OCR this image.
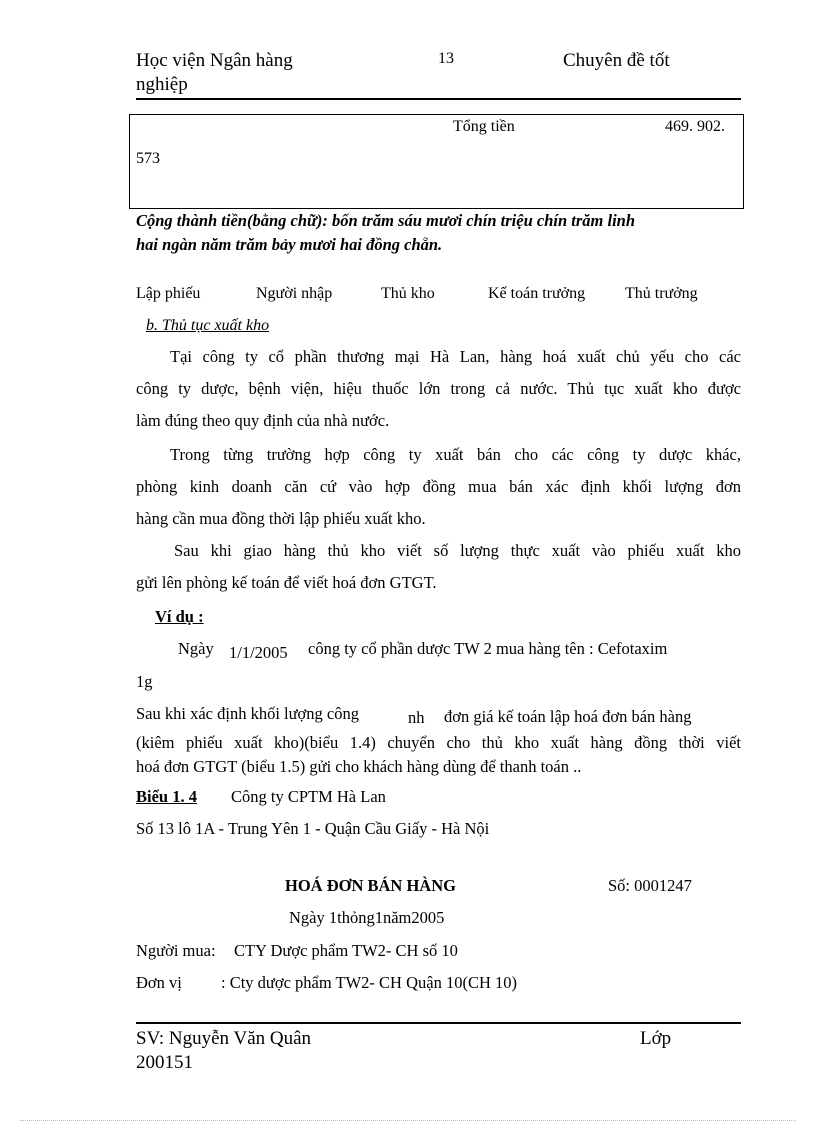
Học viện Ngân hàng
nghiệp
13	Chuyên đề tốt
Tổng tiền	469. 902.
573
Cộng thành tiền(bằng chữ): bốn trăm sáu mươi chín triệu chín trăm linh
hai ngàn năm trăm bảy mươi hai đồng chẵn.
Lập phiếu	Người nhập	Thủ kho	Kế toán trưởng Thủ trưởng
b. Thủ tục xuất kho
Tại công ty cổ phần thương mại Hà Lan, hàng hoá xuất chủ yếu cho các
công ty dược, bệnh viện, hiệu thuốc lớn trong cả nước. Thủ tục xuất kho được
làm đúng theo quy định của nhà nước.
Trong từng trường hợp công ty xuất bán cho các công ty dược khác,
phòng kinh doanh căn cứ vào hợp đồng mua bán xác định khối lượng đơn
hàng cần mua đồng thời lập phiếu xuất kho.
Sau khi giao hàng thủ kho viết số lượng thực xuất vào phiếu xuất kho
gửi lên phòng kế toán để viết hoá đơn GTGT.
Ví dụ :
Ngày 1/1/2005 công ty cổ phần dược TW 2 mua hàng tên : Cefotaxim
1g
Sau khi xác định khối lượng công	nh đơn giá kế toán lập hoá đơn bán hàng
(kiêm phiếu xuất kho)(biểu 1.4) chuyển cho thủ kho xuất hàng đồng thời viết
hoá đơn GTGT (biểu 1.5) gửi cho khách hàng dùng để thanh toán ..
Biểu 1. 4 Công ty CPTM Hà Lan
Số 13 lô 1A - Trung Yên 1 - Quận Cầu Giấy - Hà Nội
HOÁ ĐƠN BÁN HÀNG	Số: 0001247
Ngày 1thỏng1năm2005
Người mua: CTY Dược phẩm TW2- CH số 10
Đơn vị : Cty dược phẩm TW2- CH Quận 10(CH 10)
SV: Nguyễn Văn Quân
200151
Lớp
